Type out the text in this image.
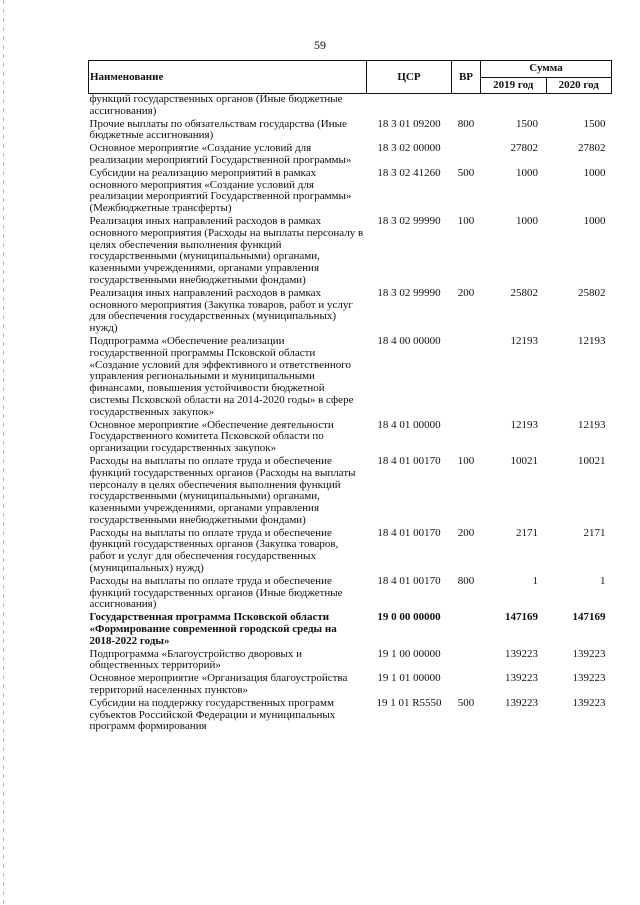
59
Наименование	ЦСР	ВР	Сумма	
			2019 год	2020 год
функций государственных органов (Иные бюджетные ассигнования)				
Прочие выплаты по обязательствам государства (Иные бюджетные ассигнования)	18 3 01 09200	800	1500	1500
Основное мероприятие «Создание условий для реализации мероприятий Государственной программы»	18 3 02 00000		27802	27802
Субсидии на реализацию мероприятий в рамках основного мероприятия «Создание условий для реализации мероприятий Государственной программы» (Межбюджетные трансферты)	18 3 02 41260	500	1000	1000
Реализация иных направлений расходов в рамках основного мероприятия (Расходы на выплаты персоналу в целях обеспечения выполнения функций государственными (муниципальными) органами, казенными учреждениями, органами управления государственными внебюджетными фондами)	18 3 02 99990	100	1000	1000
Реализация иных направлений расходов в рамках основного мероприятия (Закупка товаров, работ и услуг для обеспечения государственных (муниципальных) нужд)	18 3 02 99990	200	25802	25802
Подпрограмма «Обеспечение реализации государственной программы Псковской области «Создание условий для эффективного и ответственного управления региональными и муниципальными финансами, повышения устойчивости бюджетной системы Псковской области на 2014-2020 годы» в сфере государственных закупок»	18 4 00 00000		12193	12193
Основное мероприятие «Обеспечение деятельности Государственного комитета Псковской области по организации государственных закупок»	18 4 01 00000		12193	12193
Расходы на выплаты по оплате труда и обеспечение функций государственных органов (Расходы на выплаты персоналу в целях обеспечения выполнения функций государственными (муниципальными) органами, казенными учреждениями, органами управления государственными внебюджетными фондами)	18 4 01 00170	100	10021	10021
Расходы на выплаты по оплате труда и обеспечение функций государственных органов (Закупка товаров, работ и услуг для обеспечения государственных (муниципальных) нужд)	18 4 01 00170	200	2171	2171
Расходы на выплаты по оплате труда и обеспечение функций государственных органов (Иные бюджетные ассигнования)	18 4 01 00170	800	1	1
Государственная программа Псковской области «Формирование современной городской среды на 2018-2022 годы»	19 0 00 00000		147169	147169
Подпрограмма «Благоустройство дворовых и общественных территорий»	19 1 00 00000		139223	139223
Основное мероприятие «Организация благоустройства территорий населенных пунктов»	19 1 01 00000		139223	139223
Субсидии на поддержку государственных программ субъектов Российской Федерации и муниципальных программ формирования	19 1 01 R5550	500	139223	139223
